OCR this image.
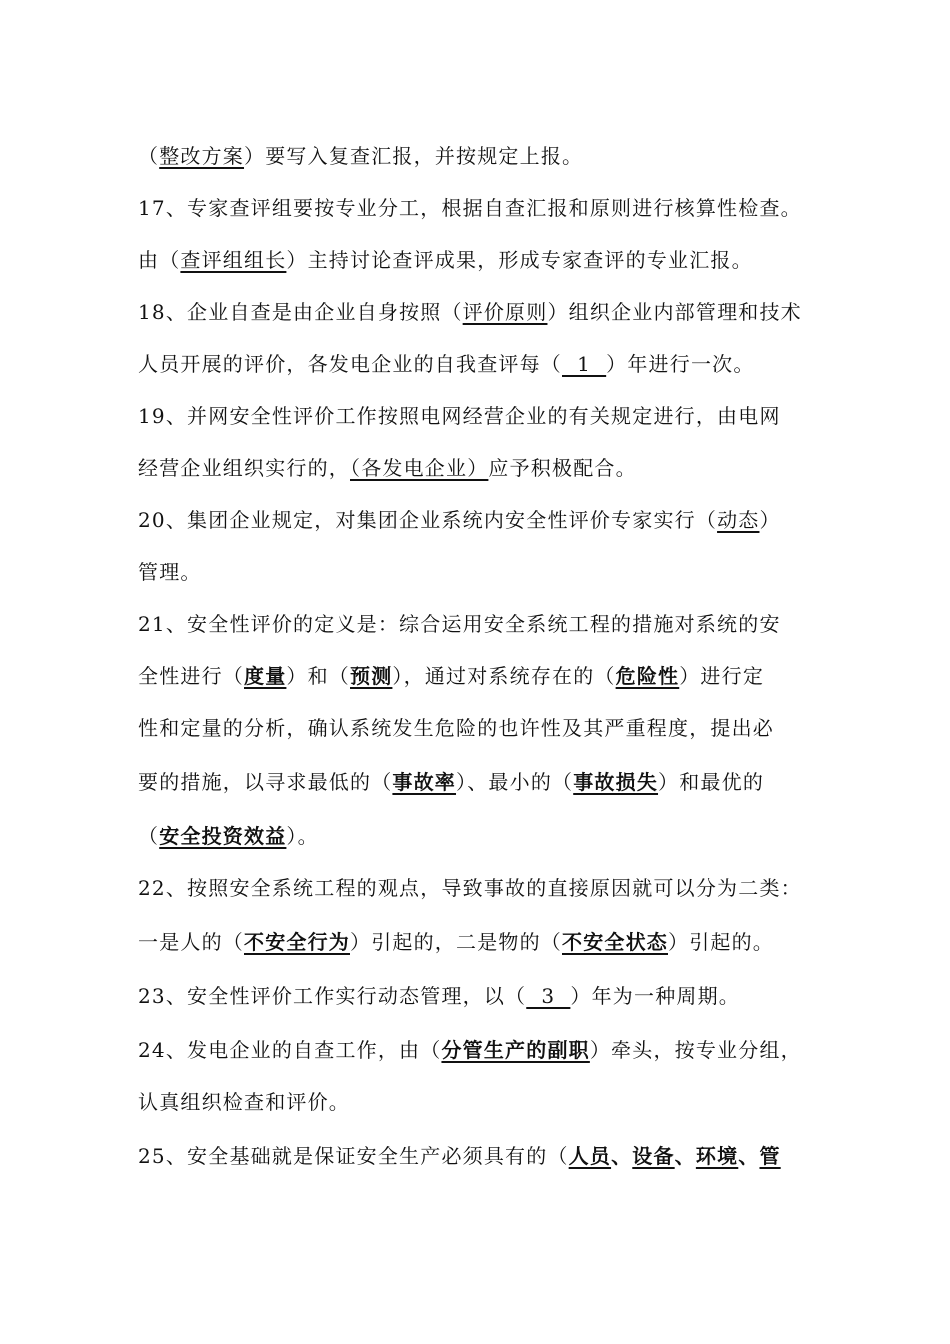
（整改方案）要写入复查汇报，并按规定上报。
17、专家查评组要按专业分工，根据自查汇报和原则进行核算性检查。
由（查评组组长）主持讨论查评成果，形成专家查评的专业汇报。
18、企业自查是由企业自身按照（评价原则）组织企业内部管理和技术
人员开展的评价，各发电企业的自我查评每（  1  ）年进行一次。
19、并网安全性评价工作按照电网经营企业的有关规定进行，由电网
经营企业组织实行的，（各发电企业）应予积极配合。
20、集团企业规定，对集团企业系统内安全性评价专家实行（动态）
管理。
21、安全性评价的定义是：综合运用安全系统工程的措施对系统的安
全性进行（度量）和（预测），通过对系统存在的（危险性）进行定
性和定量的分析，确认系统发生危险的也许性及其严重程度，提出必
要的措施，以寻求最低的（事故率）、最小的（事故损失）和最优的
（安全投资效益）。
22、按照安全系统工程的观点，导致事故的直接原因就可以分为二类：
一是人的（不安全行为）引起的，二是物的（不安全状态）引起的。
23、安全性评价工作实行动态管理，以（  3  ）年为一种周期。
24、发电企业的自查工作，由（分管生产的副职）牵头，按专业分组，
认真组织检查和评价。
25、安全基础就是保证安全生产必须具有的（人员、设备、环境、管
